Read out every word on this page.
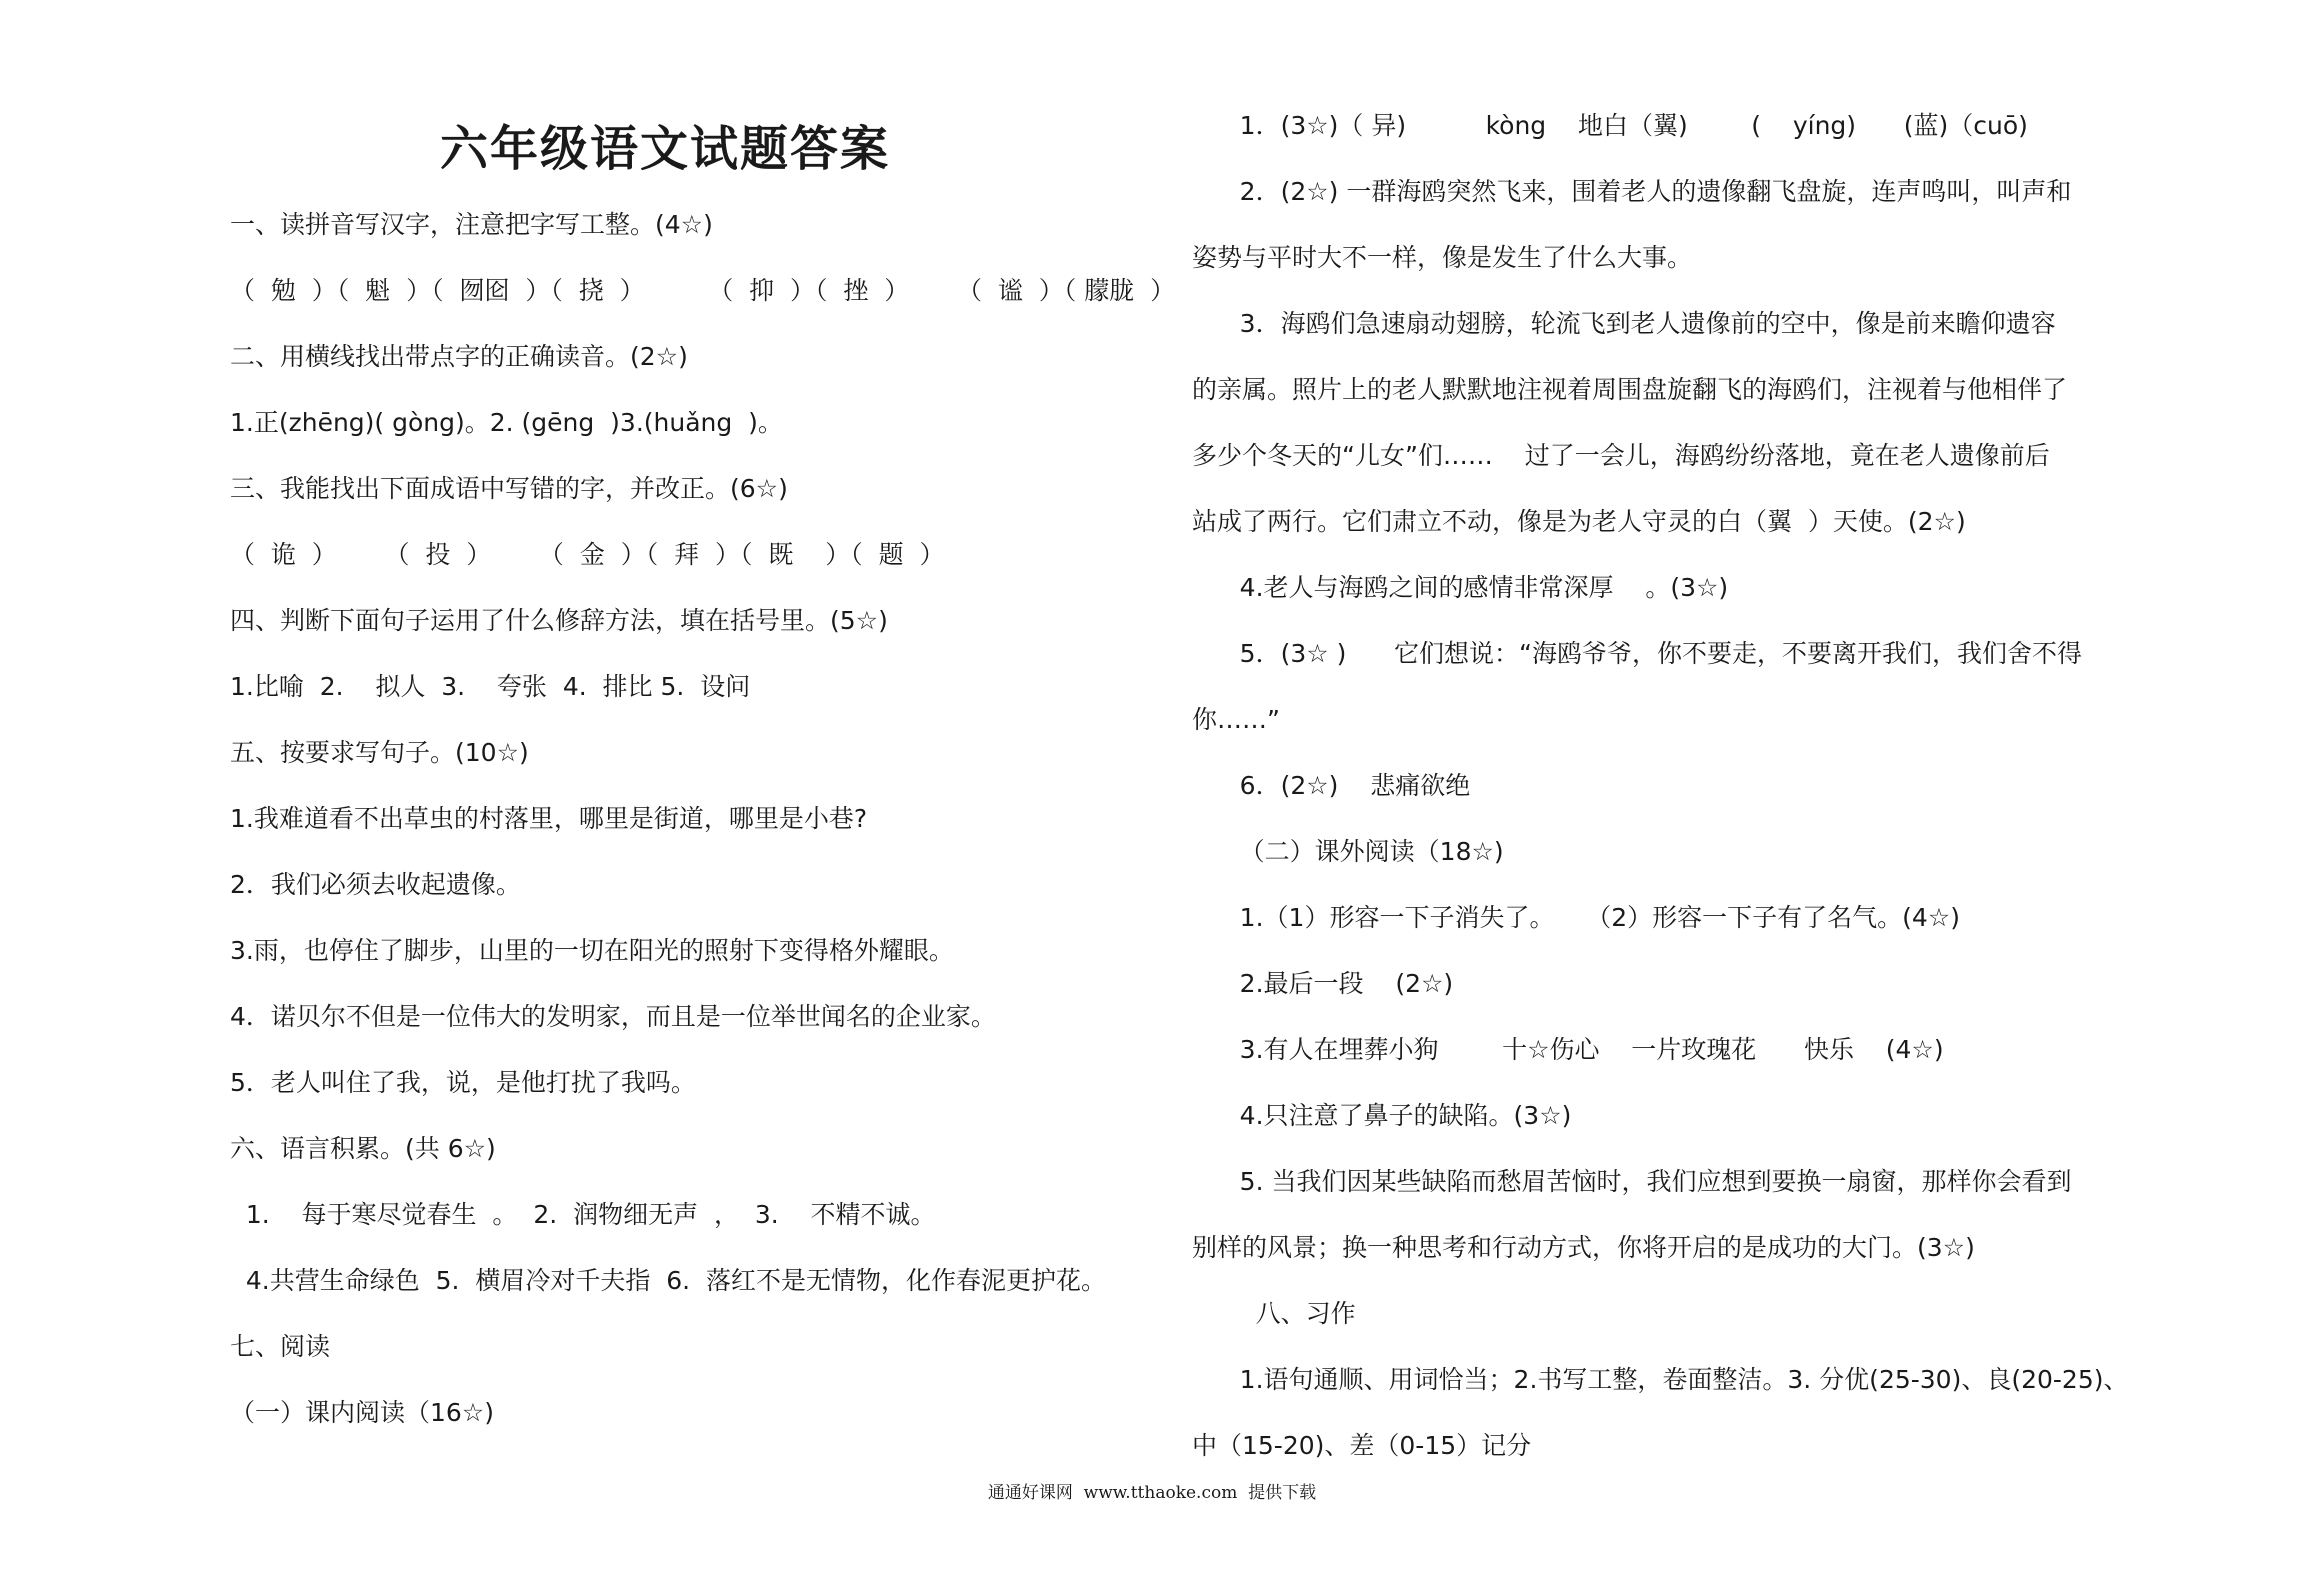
六年级语文试题答案
一、读拼音写汉字，注意把字写工整。(4☆)
（  勉  ）（  魁  ）（  囫囵  ）（  挠  ）        （  抑  ）（  挫  ）      （  谧  ）（ 朦胧  ）
二、用横线找出带点字的正确读音。(2☆)
1.正(zhēng)( gòng)。2. (gēng  )3.(huǎng  )。
三、我能找出下面成语中写错的字，并改正。(6☆)
（  诡  ）      （  投  ）      （  金  ）（  拜  ）（  既    ）（  题  ）
四、判断下面句子运用了什么修辞方法，填在括号里。(5☆)
1.比喻  2.    拟人  3.    夸张  4.  排比 5.  设问
五、按要求写句子。(10☆)
1.我难道看不出草虫的村落里，哪里是街道，哪里是小巷?
2．我们必须去收起遗像。
3.雨，也停住了脚步，山里的一切在阳光的照射下变得格外耀眼。
4．诺贝尔不但是一位伟大的发明家，而且是一位举世闻名的企业家。
5．老人叫住了我，说，是他打扰了我吗。
六、语言积累。(共 6☆)
1.    每于寒尽觉春生  。  2.  润物细无声  ，  3.    不精不诚。
4.共营生命绿色  5.  横眉冷对千夫指  6.  落红不是无情物，化作春泥更护花。
七、阅读
（一）课内阅读（16☆)
1．(3☆)（ 异)          kòng    地白（翼)        (    yíng)      (蓝)（cuō)
2．(2☆) 一群海鸥突然飞来，围着老人的遗像翻飞盘旋，连声鸣叫，叫声和
姿势与平时大不一样，像是发生了什么大事。
3．海鸥们急速扇动翅膀，轮流飞到老人遗像前的空中，像是前来瞻仰遗容
的亲属。照片上的老人默默地注视着周围盘旋翻飞的海鸥们，注视着与他相伴了
多少个冬天的“儿女”们……    过了一会儿，海鸥纷纷落地，竟在老人遗像前后
站成了两行。它们肃立不动，像是为老人守灵的白（翼  ）天使。(2☆)
4.老人与海鸥之间的感情非常深厚    。(3☆)
5．(3☆ )      它们想说：“海鸥爷爷，你不要走，不要离开我们，我们舍不得
你……”
6．(2☆)    悲痛欲绝
（二）课外阅读（18☆)
1.（1）形容一下子消失了。    （2）形容一下子有了名气。(4☆)
2.最后一段    (2☆)
3.有人在埋葬小狗        十☆伤心    一片玫瑰花      快乐    (4☆)
4.只注意了鼻子的缺陷。(3☆)
5. 当我们因某些缺陷而愁眉苦恼时，我们应想到要换一扇窗，那样你会看到
别样的风景；换一种思考和行动方式，你将开启的是成功的大门。(3☆)
八、习作
1.语句通顺、用词恰当；2.书写工整，卷面整洁。3. 分优(25-30)、良(20-25)、
中（15-20)、差（0-15）记分
通通好课网  www.tthaoke.com  提供下载
